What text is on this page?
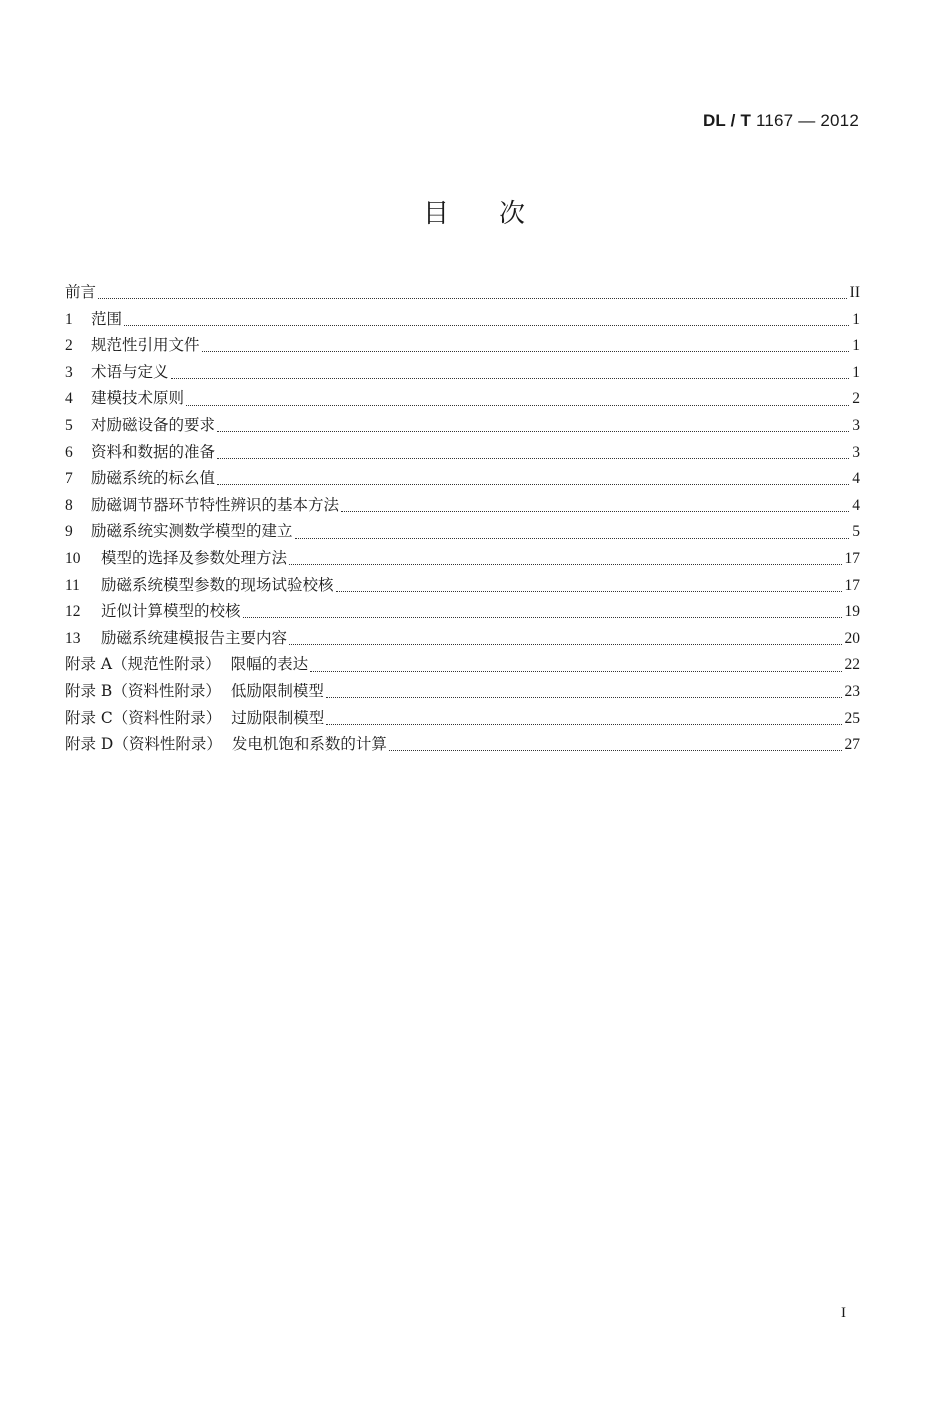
DL / T 1167 — 2012
目 次
前言	II
1	范围	1
2	规范性引用文件	1
3	术语与定义	1
4	建模技术原则	2
5	对励磁设备的要求	3
6	资料和数据的准备	3
7	励磁系统的标幺值	4
8	励磁调节器环节特性辨识的基本方法	4
9	励磁系统实测数学模型的建立	5
10	模型的选择及参数处理方法	17
11	励磁系统模型参数的现场试验校核	17
12	近似计算模型的校核	19
13	励磁系统建模报告主要内容	20
附录 A（规范性附录） 限幅的表达	22
附录 B（资料性附录） 低励限制模型	23
附录 C（资料性附录） 过励限制模型	25
附录 D（资料性附录） 发电机饱和系数的计算	27
I
